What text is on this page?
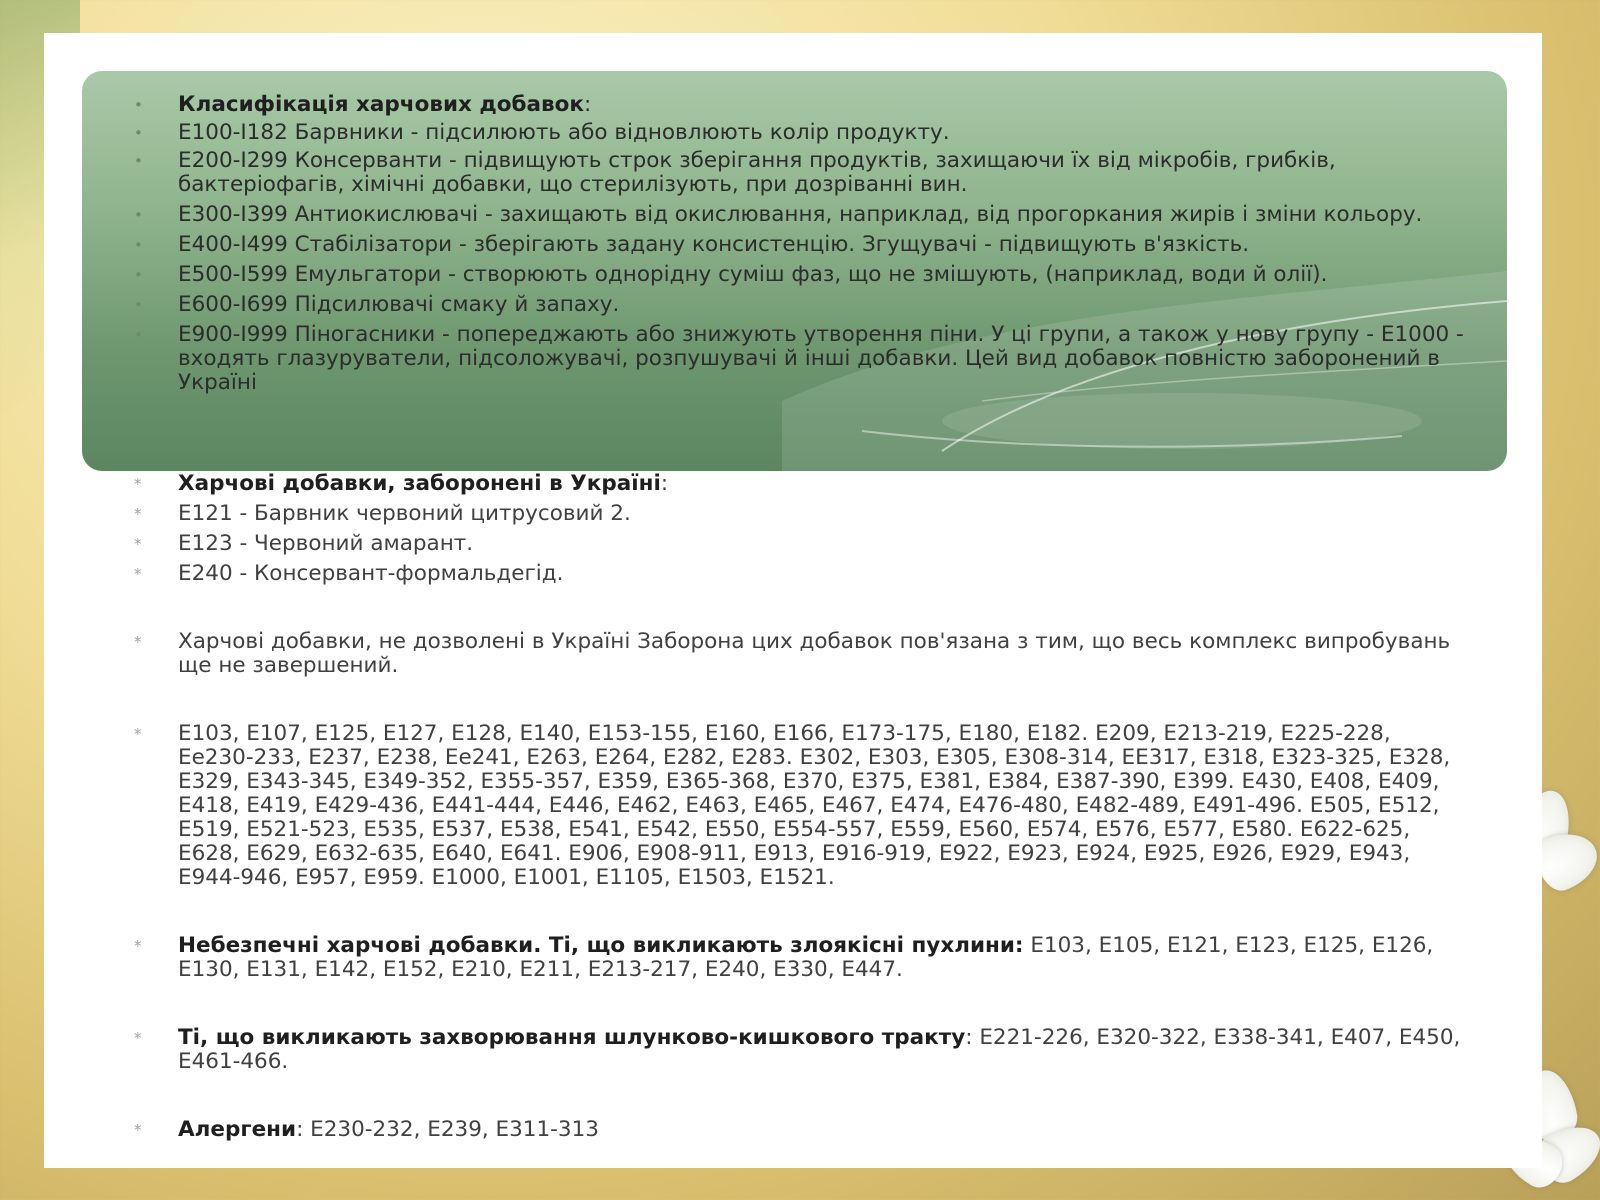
• Класифікація харчових добавок:
• Е100-І182 Барвники - підсилюють або відновлюють колір продукту.
• Е200-І299 Консерванти - підвищують строк зберігання продуктів, захищаючи їх від мікробів, грибків, бактеріофагів, хімічні добавки, що стерилізують, при дозріванні вин.
• Е300-І399 Антиокислювачі - захищають від окислювання, наприклад, від прогоркания жирів і зміни кольору.
• Е400-І499 Стабілізатори - зберігають задану консистенцію. Згущувачі - підвищують в'язкість.
• Е500-І599 Емульгатори - створюють однорідну суміш фаз, що не змішують, (наприклад, води й олії).
• Е600-І699 Підсилювачі смаку й запаху.
• Е900-І999 Піногасники - попереджають або знижують утворення піни. У ці групи, а також у нову групу - Е1000 - входять глазуруватели, підсоложувачі, розпушувачі й інші добавки. Цей вид добавок повністю заборонений в Україні
* Харчові добавки, заборонені в Україні:
* Е121 - Барвник червоний цитрусовий 2.
* Е123 - Червоний амарант.
* Е240 - Консервант-формальдегід.
* Харчові добавки, не дозволені в Україні Заборона цих добавок пов'язана з тим, що весь комплекс випробувань ще не завершений.
* Е103, Е107, Е125, Е127, Е128, Е140, Е153-155, Е160, Е166, Е173-175, Е180, Е182. Е209, Е213-219, Е225-228, Ее230-233, Е237, Е238, Ее241, Е263, Е264, Е282, Е283. Е302, Е303, Е305, Е308-314, ЕЕ317, Е318, Е323-325, Е328, Е329, Е343-345, Е349-352, Е355-357, Е359, Е365-368, Е370, Е375, Е381, Е384, Е387-390, Е399. Е430, Е408, Е409, Е418, Е419, Е429-436, Е441-444, Е446, Е462, Е463, Е465, Е467, Е474, Е476-480, Е482-489, Е491-496. Е505, Е512, Е519, Е521-523, Е535, Е537, Е538, Е541, Е542, Е550, Е554-557, Е559, Е560, Е574, Е576, Е577, Е580. Е622-625, Е628, Е629, Е632-635, Е640, Е641. Е906, Е908-911, Е913, Е916-919, Е922, Е923, Е924, Е925, Е926, Е929, Е943, Е944-946, Е957, Е959. Е1000, Е1001, Е1105, Е1503, Е1521.
* Небезпечні харчові добавки. Ті, що викликають злоякісні пухлини: Е103, Е105, Е121, Е123, Е125, Е126, Е130, Е131, Е142, Е152, Е210, Е211, Е213-217, Е240, Е330, Е447.
* Ті, що викликають захворювання шлунково-кишкового тракту: Е221-226, Е320-322, Е338-341, Е407, Е450, Е461-466.
* Алергени: Е230-232, Е239, Е311-313
